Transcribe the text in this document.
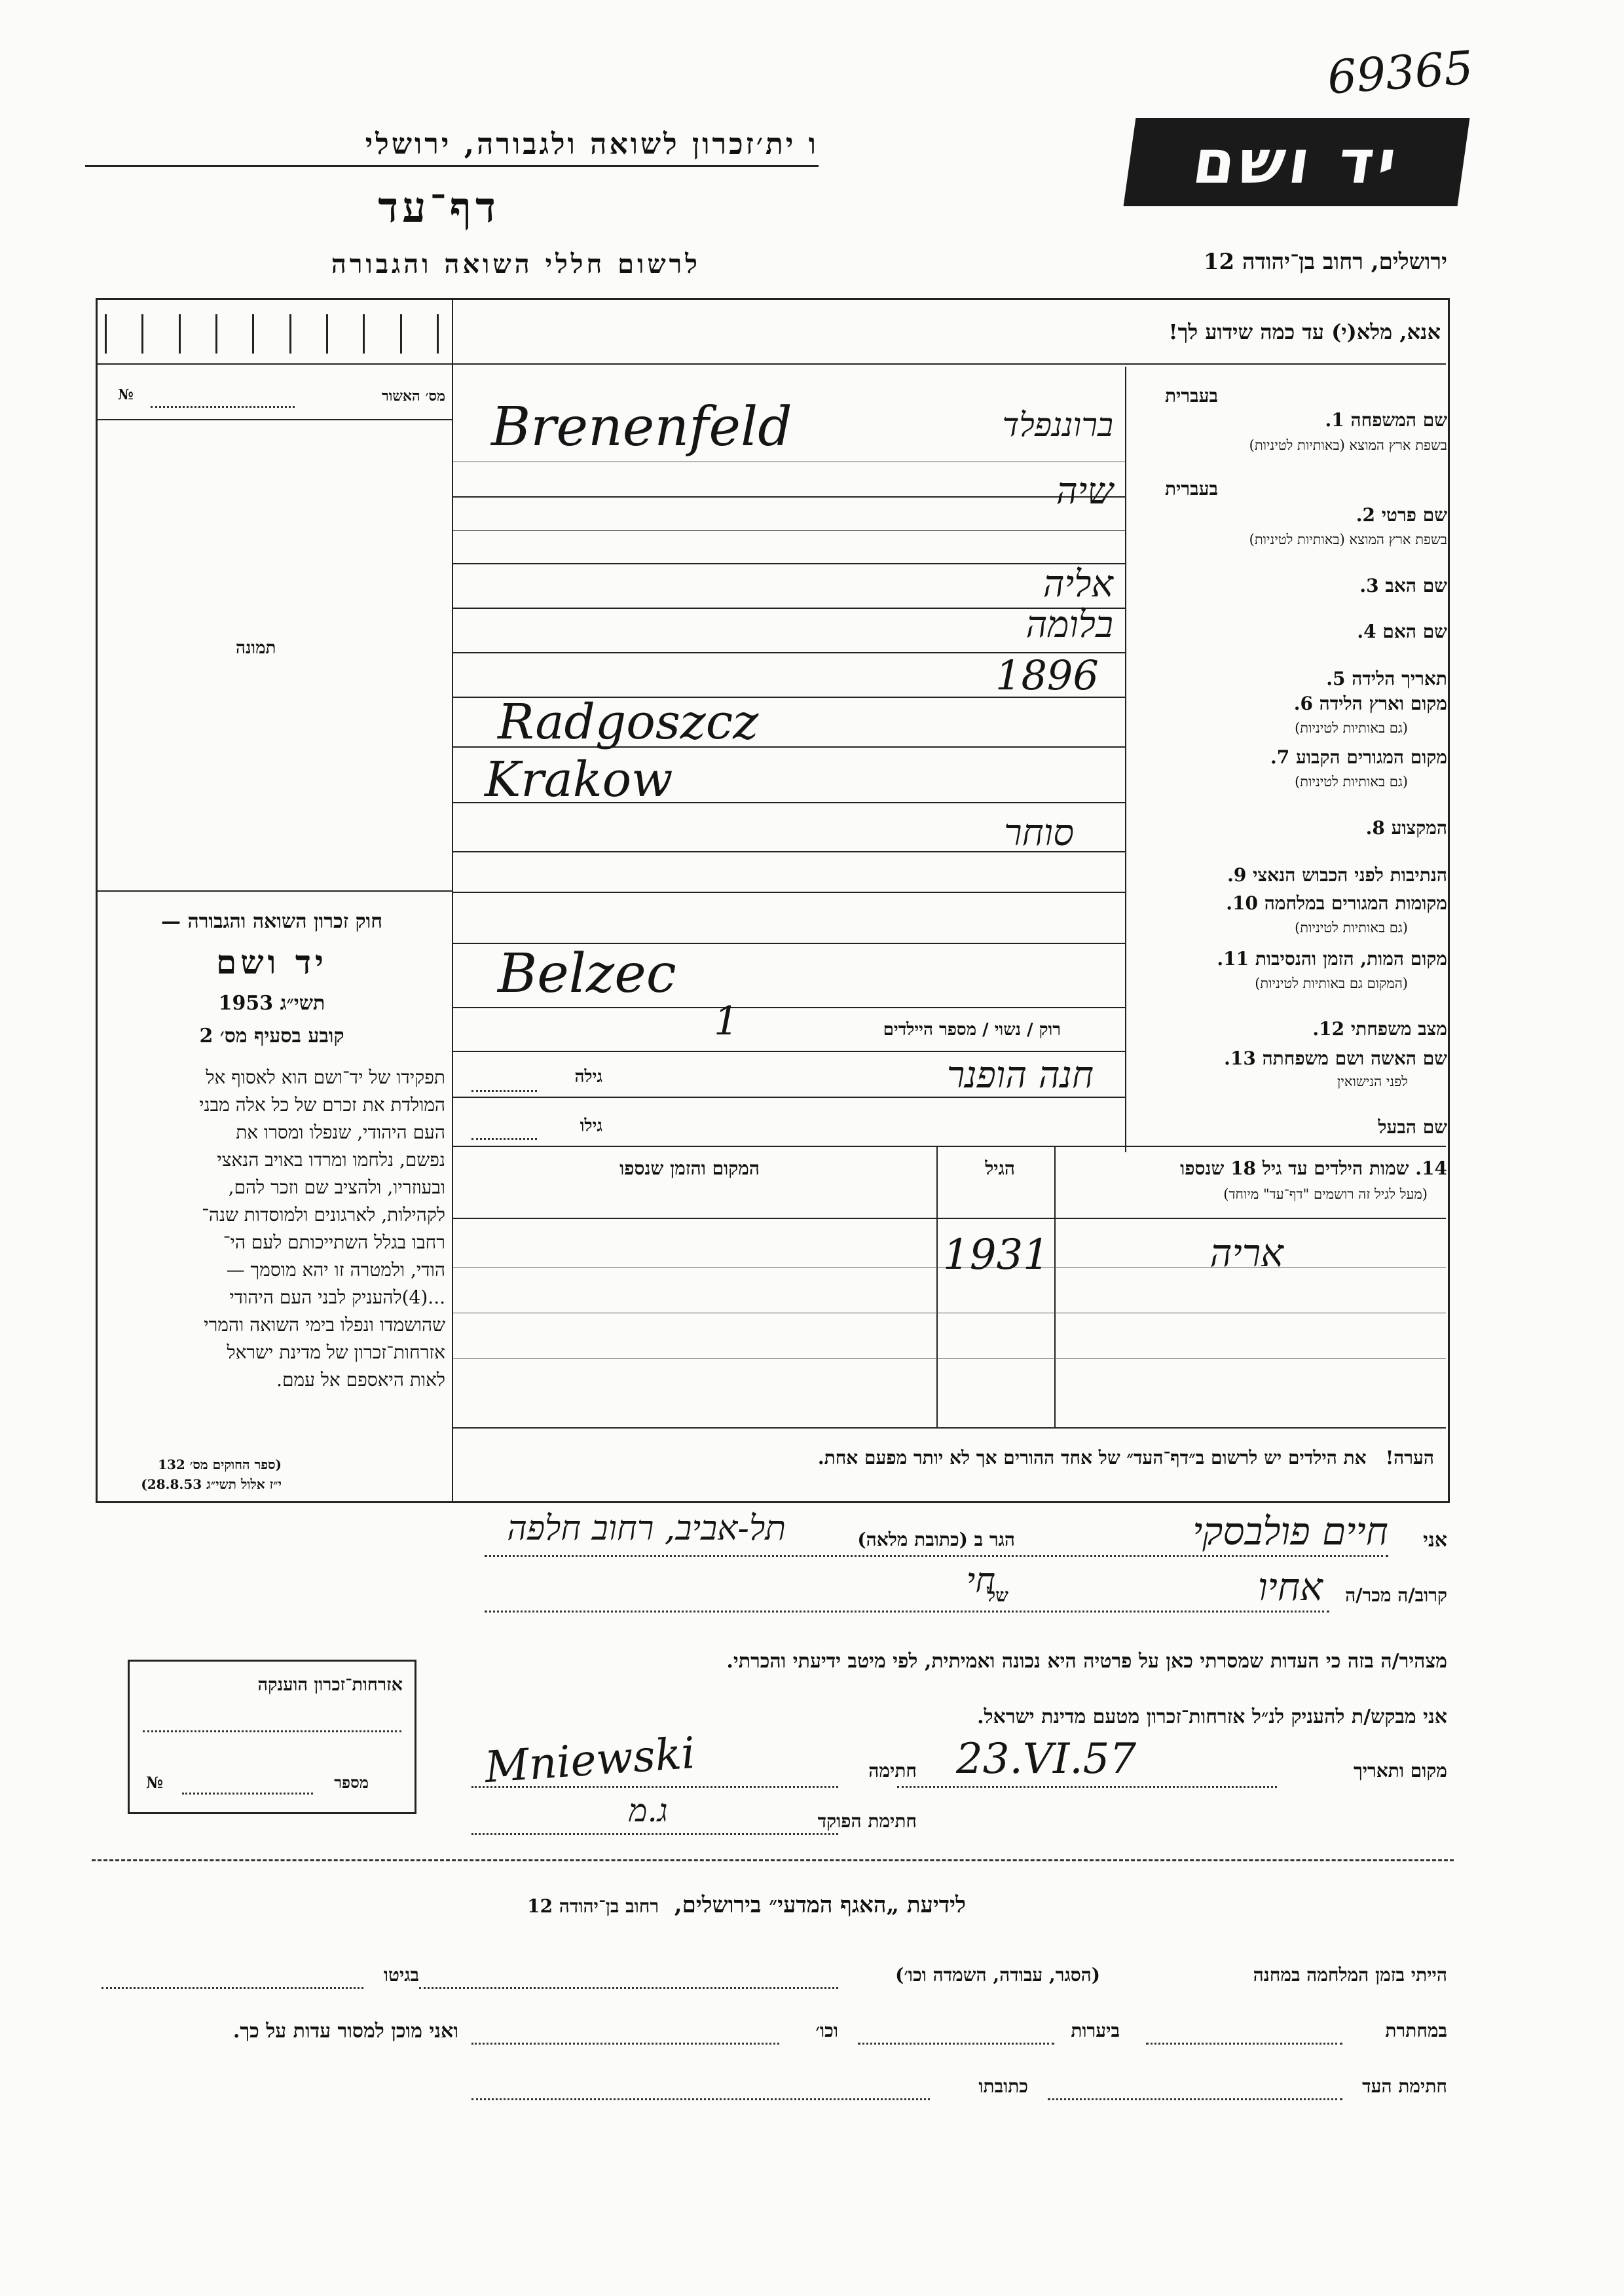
69365
יד ושם
ו ית׳זכרון לשואה ולגבורה, ירושלי
דף־עד
לרשום חללי השואה והגבורה	ירושלים, רחוב בן־יהודה 12
אנא, מלא(י) עד כמה שידוע לך!
מס׳ האשור
№
תמונה
חוק זכרון השואה והגבורה —
יד ושם
תשי״ג 1953
קובע בסעיף מס׳ 2
תפקידו של יד־ושם הוא לאסוף אל
המולדת את זכרם של כל אלה מבני
העם היהודי, שנפלו ומסרו את
נפשם, נלחמו ומרדו באויב הנאצי
ובעוזריו, ולהציב שם וזכר להם,
לקהילות, לארגונים ולמוסדות שנה־
רחבו בגלל השתייכותם לעם הי־
הודי, ולמטרה זו יהא מוסמך —
...(4)להעניק לבני העם היהודי
שהושמדו ונפלו בימי השואה והמרי
אזרחות־זכרון של מדינת ישראל
לאות היאספם אל עמם.
(ספר החוקים מס׳ 132
י״ז אלול תשי״ג 28.8.53)
בעברית
שם המשפחה 1.
בשפת ארץ המוצא (באותיות לטיניות)
בעברית
שם פרטי 2.
בשפת ארץ המוצא (באותיות לטיניות)
שם האב 3.
שם האם 4.
תאריך הלידה 5.
מקום וארץ הלידה 6.
(גם באותיות לטיניות)
מקום המגורים הקבוע 7.
(גם באותיות לטיניות)
המקצוע 8.
הנתיבות לפני הכבוש הנאצי 9.
מקומות המגורים במלחמה 10.
(גם באותיות לטיניות)
מקום המות, הזמן והנסיבות 11.
(המקום גם באותיות לטיניות)
מצב משפחתי 12.
שם האשה ושם משפחתה 13.
לפני הנישואין
שם הבעל
Brenenfeld	ברוננפלד
שיה
אליה
בלומה
1896
Radgoszcz
Krakow
סוחר
Belzec
רוק / נשוי / מספר היילדים
1
חנה הופנר
גילה
גילו
14. שמות הילדים עד גיל 18 שנספו
(מעל לגיל זה רושמים "דף־עד" מיוחד)
הגיל
המקום והזמן שנספו
אריה
1931
הערה!   את הילדים יש לרשום ב״דף־העד״ של אחד ההורים אך לא יותר מפעם אחת.
אני
חיים פולבסקי
הגר ב (כתובת מלאה)
תל-אביב, רחוב חלפה
קרוב/ה מכר/ה
אחיו
של
חי
מצהיר/ה בזה כי העדות שמסרתי כאן על פרטיה היא נכונה ואמיתית, לפי מיטב ידיעתי והכרתי.
אני מבקש/ת להעניק לנ״ל אזרחות־זכרון מטעם מדינת ישראל.
מקום ותאריך
23.VI.57
חתימה
Mniewski
חתימת הפוקד
ג.מ
אזרחות־זכרון הוענקה
מספר
№
לידיעת „האגף המדעי״ בירושלים,  רחוב בן־יהודה 12
הייתי בזמן המלחמה במחנה
(הסגר, עבודה, השמדה וכו׳)
בגיטו
במחתרת
ביערות
וכו׳
ואני מוכן למסור עדות על כך.
חתימת העד
כתובתו
